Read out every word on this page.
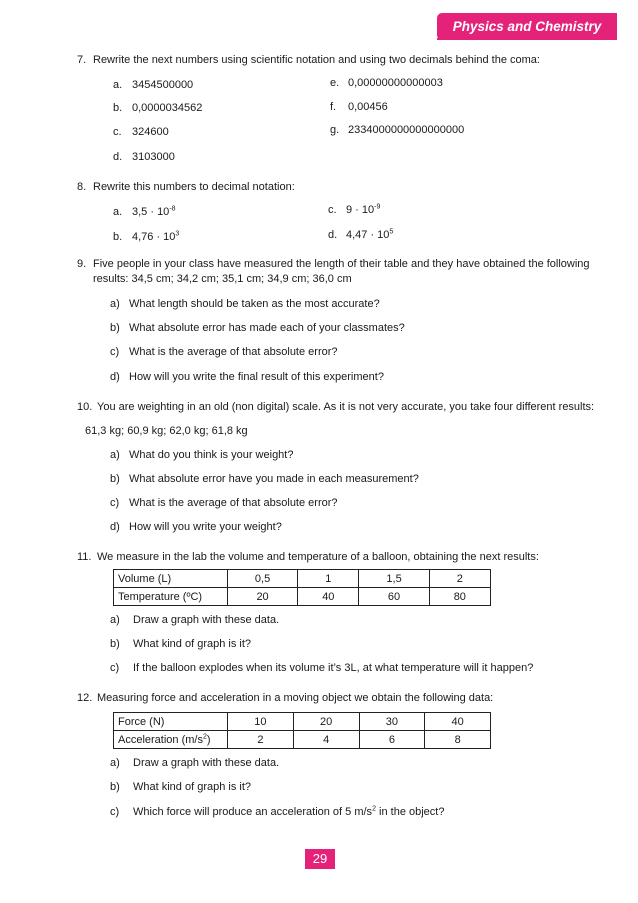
Physics and Chemistry
7. Rewrite the next numbers using scientific notation and using two decimals behind the coma:
a. 3454500000
b. 0,0000034562
c. 324600
d. 3103000
e. 0,00000000000003
f. 0,00456
g. 2334000000000000000
8. Rewrite this numbers to decimal notation:
a. $3,5 \cdot 10^{-8}$
b. $4,76 \cdot 10^3$
c. $9 \cdot 10^{-9}$
d. $4,47 \cdot 10^5$
9. Five people in your class have measured the length of their table and they have obtained the following
results: 34,5 cm; 34,2 cm; 35,1 cm; 34,9 cm; 36,0 cm
a) What length should be taken as the most accurate?
b) What absolute error has made each of your classmates?
c) What is the average of that absolute error?
d) How will you write the final result of this experiment?
10. You are weighting in an old (non digital) scale. As it is not very accurate, you take four different results:
61,3 kg; 60,9 kg; 62,0 kg; 61,8 kg
a) What do you think is your weight?
b) What absolute error have you made in each measurement?
c) What is the average of that absolute error?
d) How will you write your weight?
11. We measure in the lab the volume and temperature of a balloon, obtaining the next results:
Volume (L)	0,5	1	1,5	2
Temperature (ºC)	20	40	60	80
a) Draw a graph with these data.
b) What kind of graph is it?
c) If the balloon explodes when its volume it’s 3L, at what temperature will it happen?
12. Measuring force and acceleration in a moving object we obtain the following data:
Force (N)	10	20	30	40
Acceleration $(m/s^2)$	2	4	6	8
a) Draw a graph with these data.
b) What kind of graph is it?
c) Which force will produce an acceleration of 5 $m/s^2$ in the object?
29
